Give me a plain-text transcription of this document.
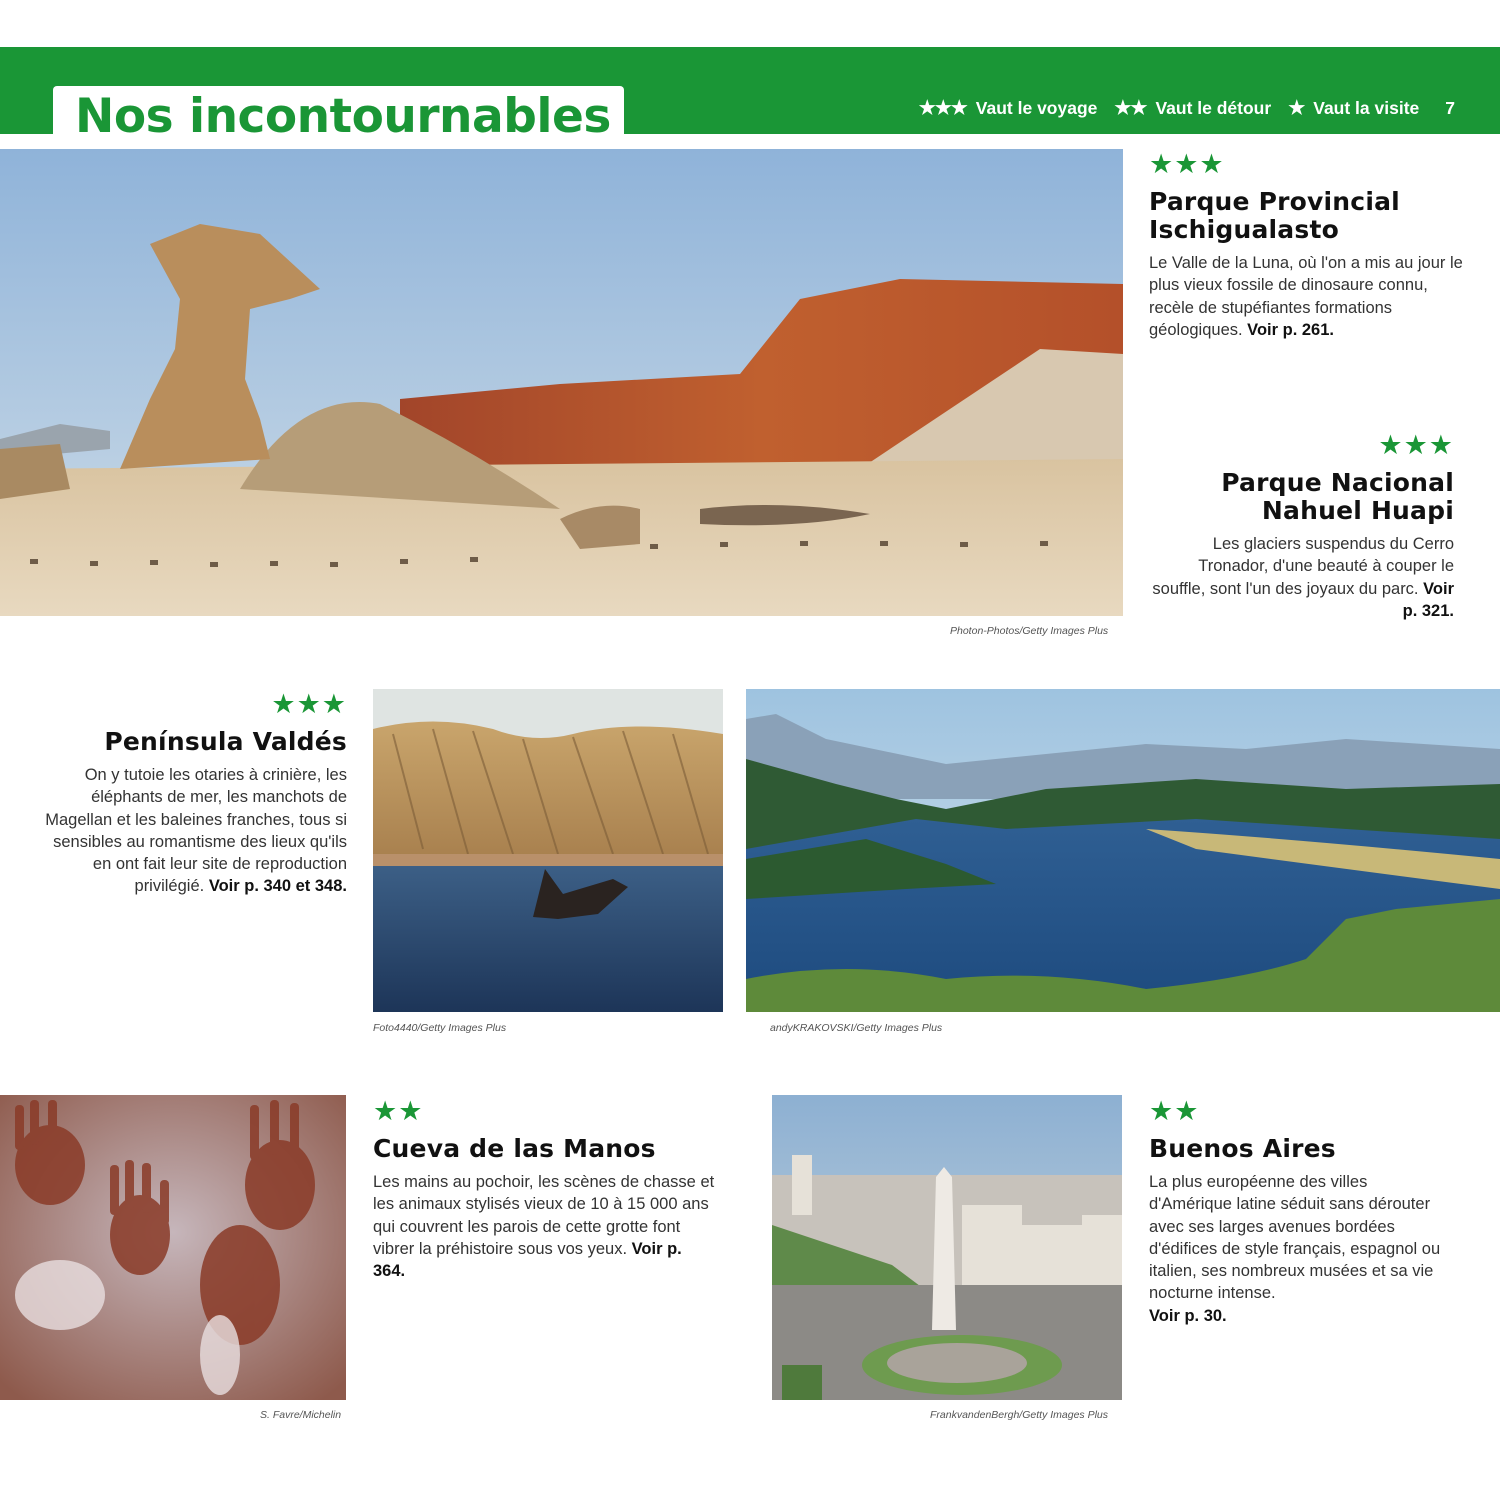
Nos incontournables	★★★ Vaut le voyage ★★ Vaut le détour ★ Vaut la visite 7
Photon-Photos/Getty Images Plus
★★★
Parque Provincial
Ischigualasto
Le Valle de la Luna, où l'on a mis au jour le plus vieux fossile de dinosaure connu, recèle de stupéfiantes formations géologiques. Voir p. 261.
★★★
Parque Nacional
Nahuel Huapi
Les glaciers suspendus du Cerro Tronador, d'une beauté à couper le souffle, sont l'un des joyaux du parc. Voir p. 321.
★★★
Península Valdés
On y tutoie les otaries à crinière, les éléphants de mer, les manchots de Magellan et les baleines franches, tous si sensibles au romantisme des lieux qu'ils en ont fait leur site de reproduction privilégié. Voir p. 340 et 348.
Foto4440/Getty Images Plus	andyKRAKOVSKI/Getty Images Plus
S. Favre/Michelin
★★
Cueva de las Manos
Les mains au pochoir, les scènes de chasse et les animaux stylisés vieux de 10 à 15 000 ans qui couvrent les parois de cette grotte font vibrer la préhistoire sous vos yeux. Voir p. 364.
FrankvandenBergh/Getty Images Plus
★★
Buenos Aires
La plus européenne des villes d'Amérique latine séduit sans dérouter avec ses larges avenues bordées d'édifices de style français, espagnol ou italien, ses nombreux musées et sa vie nocturne intense.
Voir p. 30.
